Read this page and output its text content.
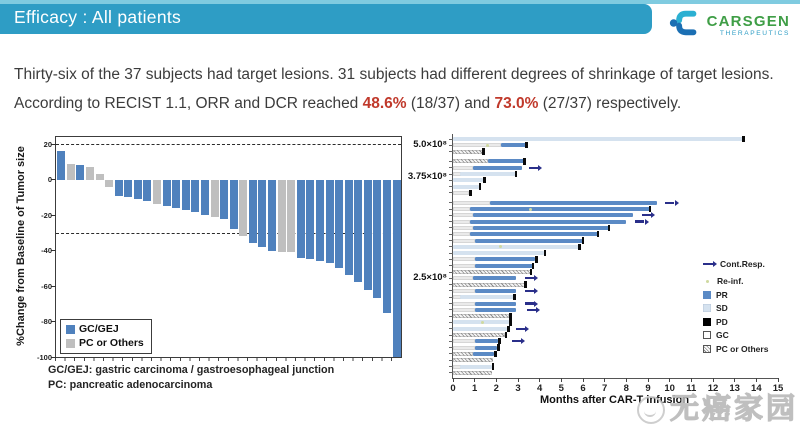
Efficacy : All patients	CARSGEN
THERAPEUTICS
Thirty-six of the 37 subjects had target lesions. 31 subjects had different degrees of shrinkage of target lesions.
According to RECIST 1.1, ORR and DCR reached 48.6% (18/37) and 73.0% (27/37) respectively.
%Change from Baseline of Tumor size	GC/GEJ
PC or Others
20
0
-20
-40
-60
-80
-100
GC/GEJ: gastric carcinoma / gastroesophageal junction
PC: pancreatic adenocarcinoma
5.0×10⁸
3.75×10⁸
2.5×10⁸
0	1	2	3	4	5	6	7	8	9	10 11 12 13 14 15
Months after CAR-T infusion
Cont.Resp.
Re-inf.
PR
SD
PD
GC
PC or Others
无癌家园
